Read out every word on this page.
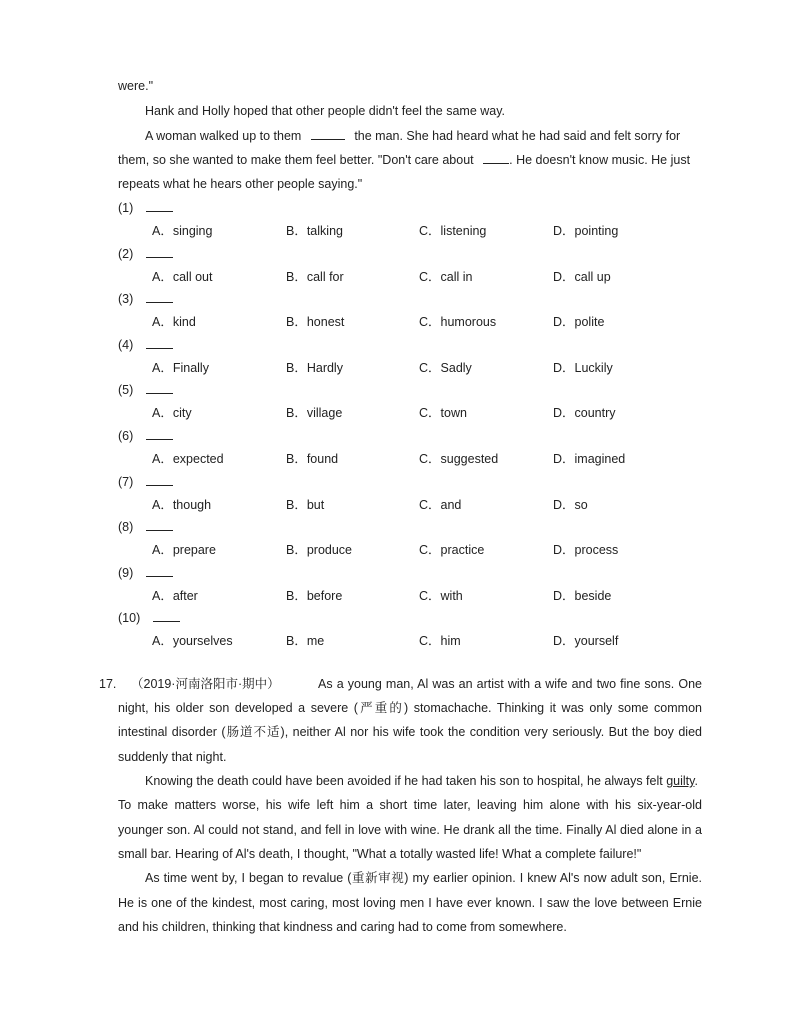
were."
Hank and Holly hoped that other people didn't feel the same way.
A woman walked up to them	the man. She had heard what he had said and felt sorry for
them, so she wanted to make them feel better. "Don't care about	. He doesn't know music. He just
repeats what he hears other people saying."
(1)
A．singing	B．talking	C．listening	D．pointing
(2)
A．call out	B．call for	C．call in	D．call up
(3)
A．kind	B．honest	C．humorous	D．polite
(4)
A．Finally	B．Hardly	C．Sadly	D．Luckily
(5)
A．city	B．village	C．town	D．country
(6)
A．expected	B．found	C．suggested	D．imagined
(7)
A．though	B．but	C．and	D．so
(8)
A．prepare	B．produce	C．practice	D．process
(9)
A．after	B．before	C．with	D．beside
(10)
A．yourselves	B．me	C．him	D．yourself
17. （2019·河南洛阳市·期中）	As a young man, Al was an artist with a wife and two fine sons. One
night, his older son developed a severe (严重的) stomachache. Thinking it was only some common
intestinal disorder (肠道不适), neither Al nor his wife took the condition very seriously. But the boy died
suddenly that night.
Knowing the death could have been avoided if he had taken his son to hospital, he always felt guilty.
To make matters worse, his wife left him a short time later, leaving him alone with his six-year-old
younger son. Al could not stand, and fell in love with wine. He drank all the time. Finally Al died alone in a
small bar. Hearing of Al's death, I thought, "What a totally wasted life! What a complete failure!"
As time went by, I began to revalue (重新审视) my earlier opinion. I knew Al's now adult son, Ernie.
He is one of the kindest, most caring, most loving men I have ever known. I saw the love between Ernie
and his children, thinking that kindness and caring had to come from somewhere.
